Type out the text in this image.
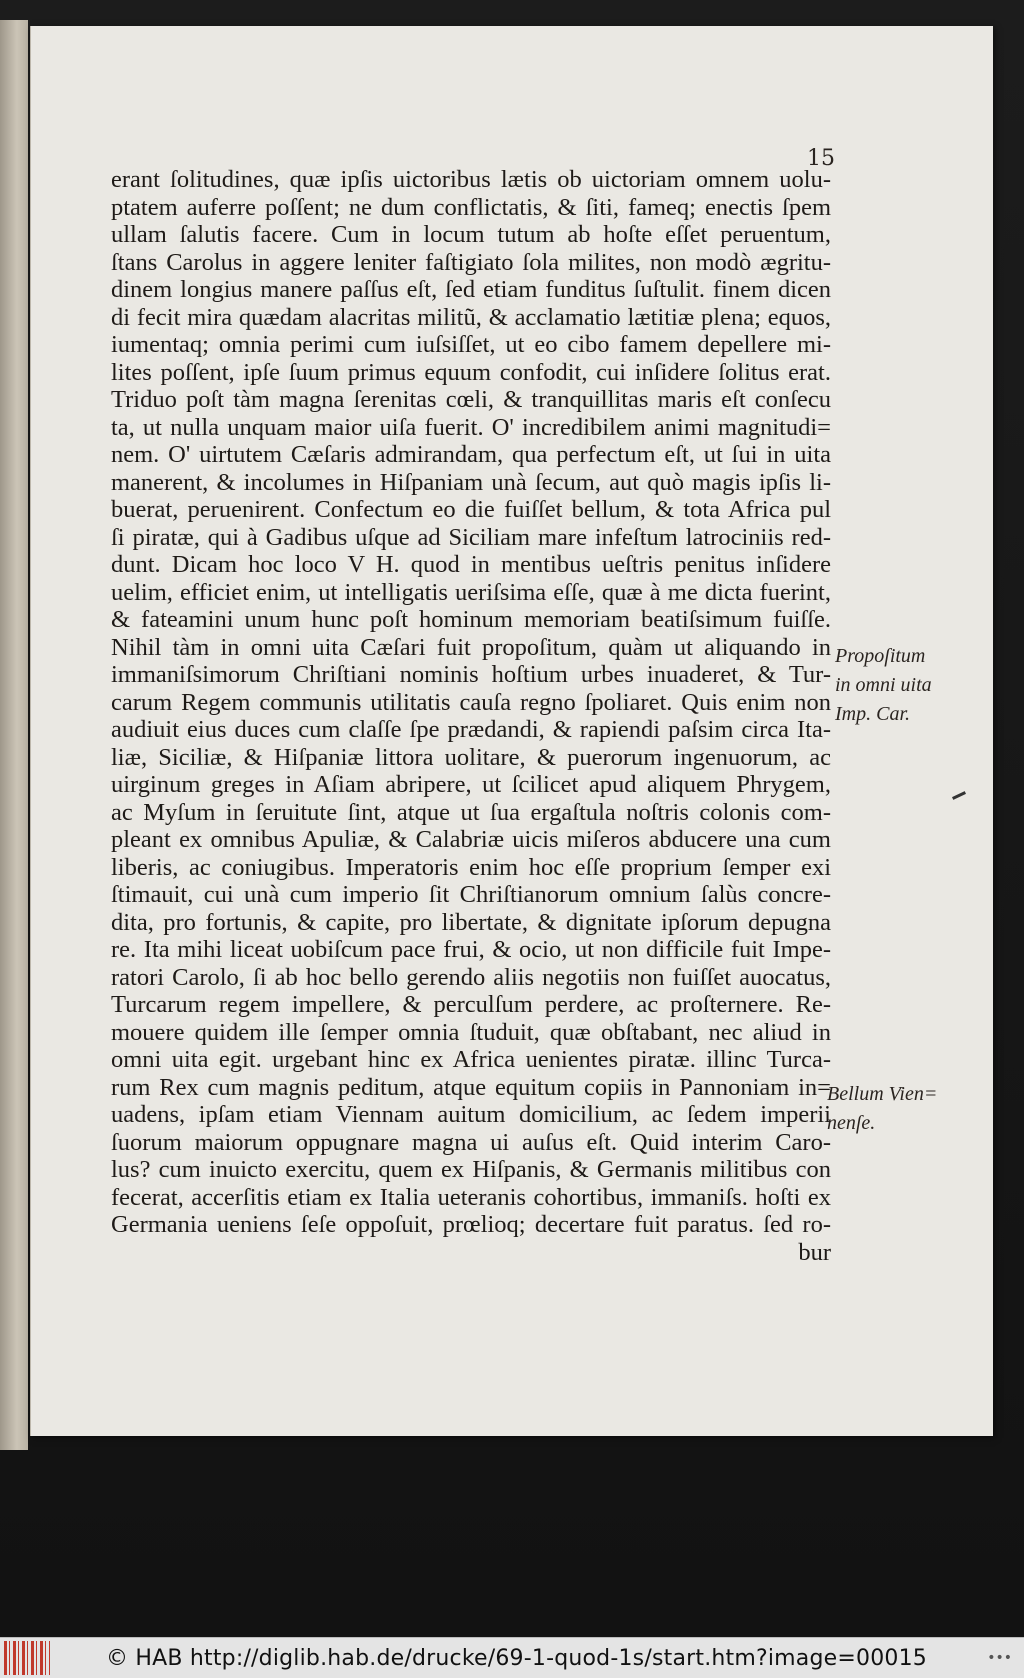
15
erant ſolitudines, quæ ipſis uictoribus lætis ob uictoriam omnem uolu-
ptatem auferre poſſent; ne dum conflictatis, & ſiti, fameq; enectis ſpem
ullam ſalutis facere. Cum in locum tutum ab hoſte eſſet peruentum,
ſtans Carolus in aggere leniter faſtigiato ſola milites, non modò ægritu-
dinem longius manere paſſus eſt, ſed etiam funditus ſuſtulit. finem dicen
di fecit mira quædam alacritas militũ, & acclamatio lætitiæ plena; equos,
iumentaq; omnia perimi cum iuſsiſſet, ut eo cibo famem depellere mi-
lites poſſent, ipſe ſuum primus equum confodit, cui inſidere ſolitus erat.
Triduo poſt tàm magna ſerenitas cœli, & tranquillitas maris eſt conſecu
ta, ut nulla unquam maior uiſa fuerit. O' incredibilem animi magnitudi=
nem. O' uirtutem Cæſaris admirandam, qua perfectum eſt, ut ſui in uita
manerent, & incolumes in Hiſpaniam unà ſecum, aut quò magis ipſis li-
buerat, peruenirent. Confectum eo die fuiſſet bellum, & tota Africa pul
ſi piratæ, qui à Gadibus uſque ad Siciliam mare infeſtum latrociniis red-
dunt. Dicam hoc loco V H. quod in mentibus ueſtris penitus inſidere
uelim, efficiet enim, ut intelligatis ueriſsima eſſe, quæ à me dicta fuerint,
& fateamini unum hunc poſt hominum memoriam beatiſsimum fuiſſe.
Nihil tàm in omni uita Cæſari fuit propoſitum, quàm ut aliquando in
immaniſsimorum Chriſtiani nominis hoſtium urbes inuaderet, & Tur-
carum Regem communis utilitatis cauſa regno ſpoliaret. Quis enim non
audiuit eius duces cum claſſe ſpe prædandi, & rapiendi paſsim circa Ita-
liæ, Siciliæ, & Hiſpaniæ littora uolitare, & puerorum ingenuorum, ac
uirginum greges in Aſiam abripere, ut ſcilicet apud aliquem Phrygem,
ac Myſum in ſeruitute ſint, atque ut ſua ergaſtula noſtris colonis com-
pleant ex omnibus Apuliæ, & Calabriæ uicis miſeros abducere una cum
liberis, ac coniugibus. Imperatoris enim hoc eſſe proprium ſemper exi
ſtimauit, cui unà cum imperio ſit Chriſtianorum omnium ſalùs concre-
dita, pro fortunis, & capite, pro libertate, & dignitate ipſorum depugna
re. Ita mihi liceat uobiſcum pace frui, & ocio, ut non difficile fuit Impe-
ratori Carolo, ſi ab hoc bello gerendo aliis negotiis non fuiſſet auocatus,
Turcarum regem impellere, & perculſum perdere, ac proſternere. Re-
mouere quidem ille ſemper omnia ſtuduit, quæ obſtabant, nec aliud in
omni uita egit. urgebant hinc ex Africa uenientes piratæ. illinc Turca-
rum Rex cum magnis peditum, atque equitum copiis in Pannoniam in=
uadens, ipſam etiam Viennam auitum domicilium, ac ſedem imperii
ſuorum maiorum oppugnare magna ui auſus eſt. Quid interim Caro-
lus? cum inuicto exercitu, quem ex Hiſpanis, & Germanis militibus con
fecerat, accerſitis etiam ex Italia ueteranis cohortibus, immaniſs. hoſti ex
Germania ueniens ſeſe oppoſuit, prœlioq; decertare fuit paratus. ſed ro-
bur
Propoſitum
in omni uita
Imp. Car.
Bellum Vien=
nenſe.
© HAB http://diglib.hab.de/drucke/69-1-quod-1s/start.htm?image=00015	•••
